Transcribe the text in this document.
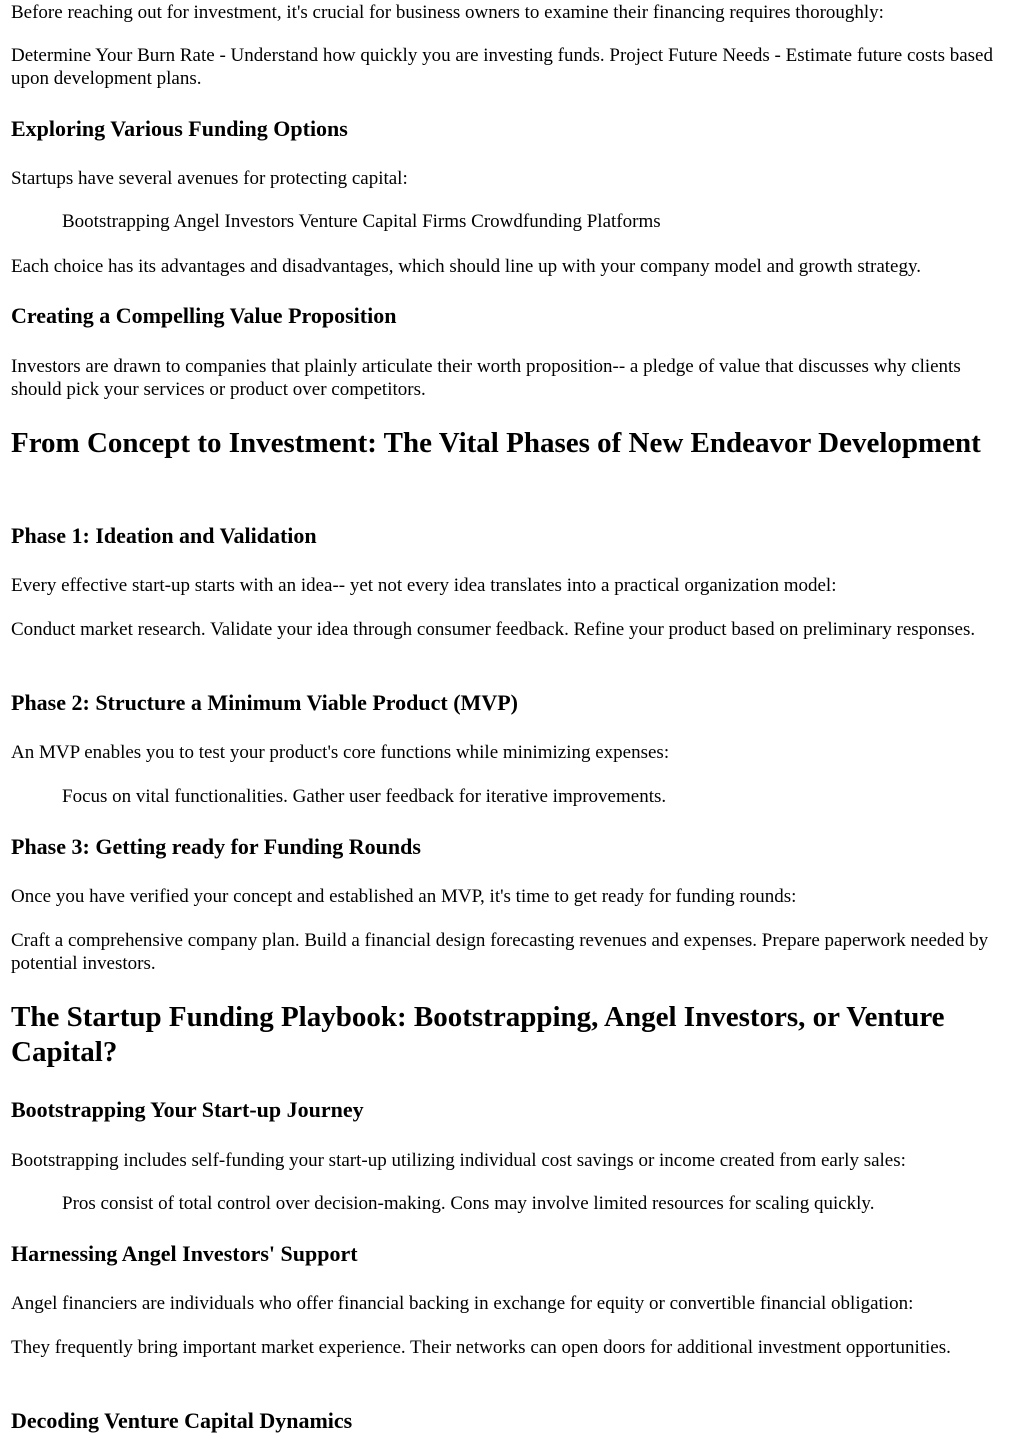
Before reaching out for investment, it's crucial for business owners to examine their financing requires thoroughly:

Determine Your Burn Rate - Understand how quickly you are investing funds. Project Future Needs - Estimate future costs based upon development plans.

Exploring Various Funding Options

Startups have several avenues for protecting capital:

Bootstrapping Angel Investors Venture Capital Firms Crowdfunding Platforms

Each choice has its advantages and disadvantages, which should line up with your company model and growth strategy.

Creating a Compelling Value Proposition

Investors are drawn to companies that plainly articulate their worth proposition-- a pledge of value that discusses why clients should pick your services or product over competitors.

From Concept to Investment: The Vital Phases of New Endeavor Development
Phase 1: Ideation and Validation

Every effective start-up starts with an idea-- yet not every idea translates into a practical organization model:

Conduct market research. Validate your idea through consumer feedback. Refine your product based on preliminary responses.

Phase 2: Structure a Minimum Viable Product (MVP)

An MVP enables you to test your product's core functions while minimizing expenses:

Focus on vital functionalities. Gather user feedback for iterative improvements.

Phase 3: Getting ready for Funding Rounds

Once you have verified your concept and established an MVP, it's time to get ready for funding rounds:

Craft a comprehensive company plan. Build a financial design forecasting revenues and expenses. Prepare paperwork needed by potential investors.

The Startup Funding Playbook: Bootstrapping, Angel Investors, or Venture Capital?
Bootstrapping Your Start-up Journey

Bootstrapping includes self-funding your start-up utilizing individual cost savings or income created from early sales:

Pros consist of total control over decision-making. Cons may involve limited resources for scaling quickly.

Harnessing Angel Investors' Support

Angel financiers are individuals who offer financial backing in exchange for equity or convertible financial obligation:

They frequently bring important market experience. Their networks can open doors for additional investment opportunities.

Decoding Venture Capital Dynamics
